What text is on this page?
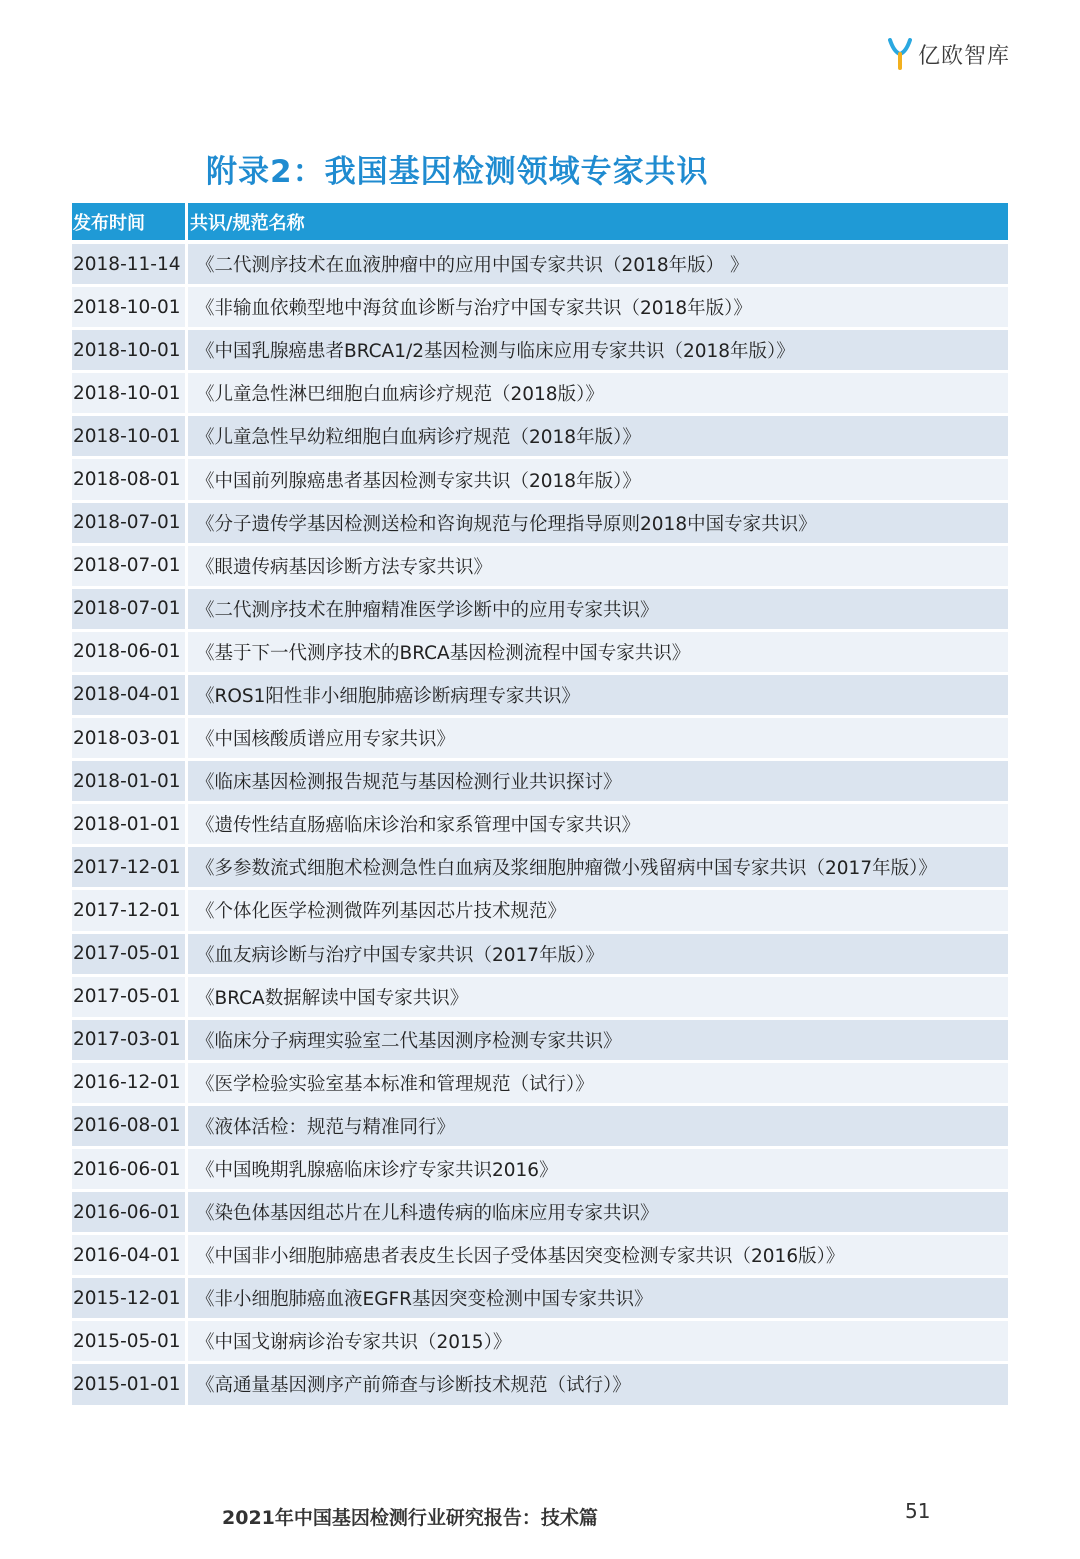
亿欧智库
附录2：我国基因检测领域专家共识
发布时间	共识/规范名称
2018-11-14 《二代测序技术在血液肿瘤中的应用中国专家共识（2018年版） 》
2018-10-01 《非输血依赖型地中海贫血诊断与治疗中国专家共识（2018年版）》
2018-10-01 《中国乳腺癌患者BRCA1/2基因检测与临床应用专家共识（2018年版）》
2018-10-01 《儿童急性淋巴细胞白血病诊疗规范（2018版）》
2018-10-01 《儿童急性早幼粒细胞白血病诊疗规范（2018年版）》
2018-08-01 《中国前列腺癌患者基因检测专家共识（2018年版）》
2018-07-01 《分子遗传学基因检测送检和咨询规范与伦理指导原则2018中国专家共识》
2018-07-01 《眼遗传病基因诊断方法专家共识》
2018-07-01 《二代测序技术在肿瘤精准医学诊断中的应用专家共识》
2018-06-01 《基于下一代测序技术的BRCA基因检测流程中国专家共识》
2018-04-01 《ROS1阳性非小细胞肺癌诊断病理专家共识》
2018-03-01 《中国核酸质谱应用专家共识》
2018-01-01 《临床基因检测报告规范与基因检测行业共识探讨》
2018-01-01 《遗传性结直肠癌临床诊治和家系管理中国专家共识》
2017-12-01 《多参数流式细胞术检测急性白血病及浆细胞肿瘤微小残留病中国专家共识（2017年版）》
2017-12-01 《个体化医学检测微阵列基因芯片技术规范》
2017-05-01 《血友病诊断与治疗中国专家共识（2017年版）》
2017-05-01 《BRCA数据解读中国专家共识》
2017-03-01 《临床分子病理实验室二代基因测序检测专家共识》
2016-12-01 《医学检验实验室基本标准和管理规范（试行）》
2016-08-01 《液体活检：规范与精准同行》
2016-06-01 《中国晚期乳腺癌临床诊疗专家共识2016》
2016-06-01 《染色体基因组芯片在儿科遗传病的临床应用专家共识》
2016-04-01 《中国非小细胞肺癌患者表皮生长因子受体基因突变检测专家共识（2016版）》
2015-12-01 《非小细胞肺癌血液EGFR基因突变检测中国专家共识》
2015-05-01 《中国戈谢病诊治专家共识（2015）》
2015-01-01 《高通量基因测序产前筛查与诊断技术规范（试行）》
2021年中国基因检测行业研究报告：技术篇	51
